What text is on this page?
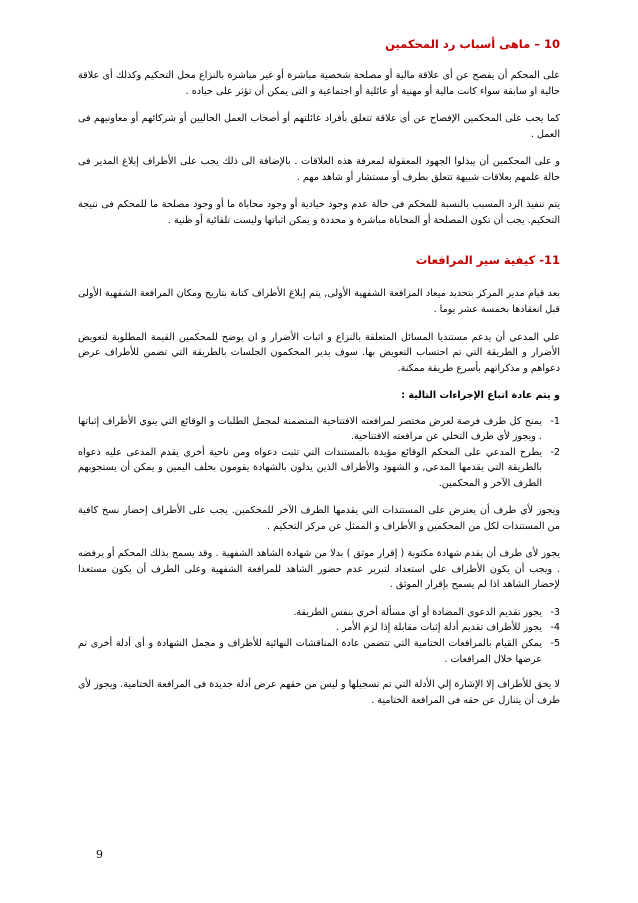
10 – ماهى أسباب رد المحكمين

على المحكم أن يفصح عن أى علاقة مالية أو مصلحة شخصية مباشرة أو غير مباشرة بالنزاع محل التحكيم وكذلك أى علاقة حالية او سابقة سواء كانت مالية أو مهنية أو عائلية أو اجتماعية و التى يمكن أن تؤثر على حياده .

كما يجب على المحكمين الإفصاح عن أى علاقة تتعلق بأفراد عائلتهم أو أصحاب العمل الحاليين أو شركائهم أو معاونيهم فى العمل .

و على المحكمين أن يبذلوا الجهود المعقولة لمعرفة هذه العلاقات . بالإضافة الى ذلك يجب على الأطراف إبلاغ المدير فى حالة علمهم بعلاقات شبيهة تتعلق بطرف أو مستشار أو شاهد مهم .

يتم تنفيذ الرد المسبب بالنسبة للمحكم فى حالة عدم وجود حيادية أو وجود محاباة ما أو وجود مصلحة ما للمحكم فى نتيجة التحكيم. يجب أن تكون المصلحة أو المحاباة مباشرة و محددة و يمكن اثباتها وليست تلقائية أو ظنية .

11- كيفية سير المرافعات

بعد قيام مدير المركز بتحديد ميعاد المرافعة الشفهية الأولى, يتم إبلاغ الأطراف كتابة بتاريخ ومكان المرافعة الشفهية الأولى قبل انعقادها بخمسة عشر يوما .

علي المدعي أن يدعم مستنديا المسائل المتعلقة بالنزاع و اثبات الأضرار و ان يوضح للمحكمين القيمة المطلوبة لتعويض الأضرار و الطريقة التي تم احتساب التعويض بها. سوف يدير المحكمون الجلسات بالطريقة التي تضمن للأطراف عرض دعواهم و مذكراتهم بأسرع طريقة ممكنة.

و يتم عادة اتباع الإجراءات التالية :

1-
يمنح كل طرف فرصة لعرض مختصر لمرافعته الافتتاحية المتضمنة لمجمل الطلبات و الوقائع التي ينوي الأطراف إثباتها . ويجوز لأي طرف التخلي عن مرافعته الافتتاحية.
2-
يطرح المدعي على المحكم الوقائع مؤيدة بالمستندات التي تثبت دعواه ومن ناحية أخرى يقدم المدعى عليه دعواه بالطريقة التي يقدمها المدعي, و الشهود والأطراف الذين يدلون بالشهادة يقومون بحلف اليمين و يمكن أن يستجوبهم الطرف الآخر و المحكمين.

ويجوز لأي طرف أن يعترض على المستندات التي يقدمها الطرف الآخر للمحكمين. يجب على الأطراف إحضار نسخ كافية من المستندات لكل من المحكمين و الأطراف و الممثل عن مركز التحكيم .

يجوز لأى طرف أن يقدم شهادة مكتوبة ( إقرار موثق ) بدلا من شهادة الشاهد الشفهية . وقد يسمح بذلك المحكم أو يرفضه . ويجب أن يكون الأطراف علي استعداد لتبرير عدم حضور الشاهد للمرافعة الشفهية وعلى الطرف أن يكون مستعدا لإحضار الشاهد اذا لم يسمح بإقرار الموثق .

3-
يجوز تقديم الدعوى المضادة أو أي مسألة أخري بنفس الطريقة.
4-
يجوز للأطراف تقديم أدلة إثبات مقابلة إذا لزم الأمر .
5-
يمكن القيام بالمرافعات الختامية التي تتضمن عادة المناقشات النهائية للأطراف و مجمل الشهادة و أى أدلة أخرى تم عرضها خلال المرافعات .

لا يحق للأطراف إلا الإشارة إلي الأدلة التي تم تسجيلها و ليس من حقهم عرض أدلة جديدة فى المرافعة الختامية. ويجوز لأى طرف أن يتنازل عن حقه فى المرافعة الختامية .

9
